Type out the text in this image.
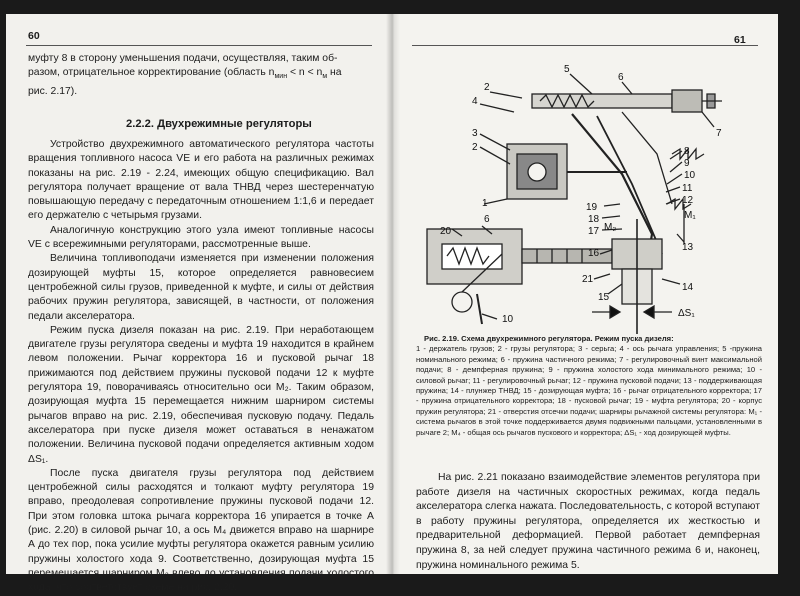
60

муфту 8 в сторону уменьшения подачи, осуществляя, таким об-

разом, отрицательное корректирование (область $n_{мин} < n < n_м$ на

рис. 2.17).

2.2.2. Двухрежимные регуляторы

Устройство двухрежимного автоматического регулятора частоты вращения топливного насоса VE и его работа на различных режимах показаны на рис. 2.19 - 2.24, имеющих общую спецификацию. Вал регулятора получает вращение от вала ТНВД через шестеренчатую повышающую передачу с передаточным отношением 1:1,6 и передает его держателю с четырьмя грузами.

Аналогичную конструкцию этого узла имеют топливные насосы VE с всережимными регуляторами, рассмотренные выше.

Величина топливоподачи изменяется при изменении положения дозирующей муфты 15, которое определяется равновесием центробежной силы грузов, приведенной к муфте, и силы от действия рабочих пружин регулятора, зависящей, в частности, от положения педали акселератора.

Режим пуска дизеля показан на рис. 2.19. При неработающем двигателе грузы регулятора сведены и муфта 19 находится в крайнем левом положении. Рычаг корректора 16 и пусковой рычаг 18 прижимаются под действием пружины пусковой подачи 12 к муфте регулятора 19, поворачиваясь относительно оси M₂. Таким образом, дозирующая муфта 15 перемещается нижним шарниром системы рычагов вправо на рис. 2.19, обеспечивая пусковую подачу. Педаль акселератора при пуске дизеля может оставаться в ненажатом положении. Величина пусковой подачи определяется активным ходом ΔS₁.

После пуска двигателя грузы регулятора под действием центробежной силы расходятся и толкают муфту регулятора 19 вправо, преодолевая сопротивление пружины пусковой подачи 12. При этом головка штока рычага корректора 16 упирается в точке А (рис. 2.20) в силовой рычаг 10, а ось M₄ движется вправо на шарнире А до тех пор, пока усилие муфты регулятора окажется равным усилию пружины холостого хода 9. Соответственно, дозирующая муфта 15 перемещается шарниром M₂ влево до установления подачи холостого хода, что соответствует схеме на рис. 2.20.

61
2
4
3
2
5
6
7
8
9
10
11
12
M₁
13
14
15
19
18
17 M₂
16
21
1
20
6
10
ΔS₁
Рис. 2.19. Схема двухрежимного регулятора. Режим пуска дизеля:
1 - держатель грузов; 2 - грузы регулятора; 3 - серьга; 4 - ось рычага управления; 5 -пружина номинального режима; 6 - пружина частичного режима; 7 - регулировочный винт максимальной подачи; 8 - демпферная пружина; 9 - пружина холостого хода минимального режима; 10 - силовой рычаг; 11 - регулировочный рычаг; 12 - пружина пусковой подачи; 13 - поддерживающая пружина; 14 - плунжер ТНВД; 15 - дозирующая муфта; 16 - рычаг отрицательного корректора; 17 - пружина отрицательного корректора; 18 - пусковой рычаг; 19 - муфта регулятора; 20 - корпус пружин регулятора; 21 - отверстия отсечки подачи; шарниры рычажной системы регулятора: M₁ - система рычагов в этой точке поддерживается двумя подвижными пальцами, установленными в рычаге 2; M₄ - общая ось рычагов пускового и корректора; ΔS₁ - ход дозирующей муфты.
На рис. 2.21 показано взаимодействие элементов регулятора при работе дизеля на частичных скоростных режимах, когда педаль акселератора слегка нажата. Последовательность, с которой вступают в работу пружины регулятора, определяется их жесткостью и предварительной деформацией. Первой работает демпферная пружина 8, за ней следует пружина частичного режима 6 и, наконец, пружина номинального режима 5.
